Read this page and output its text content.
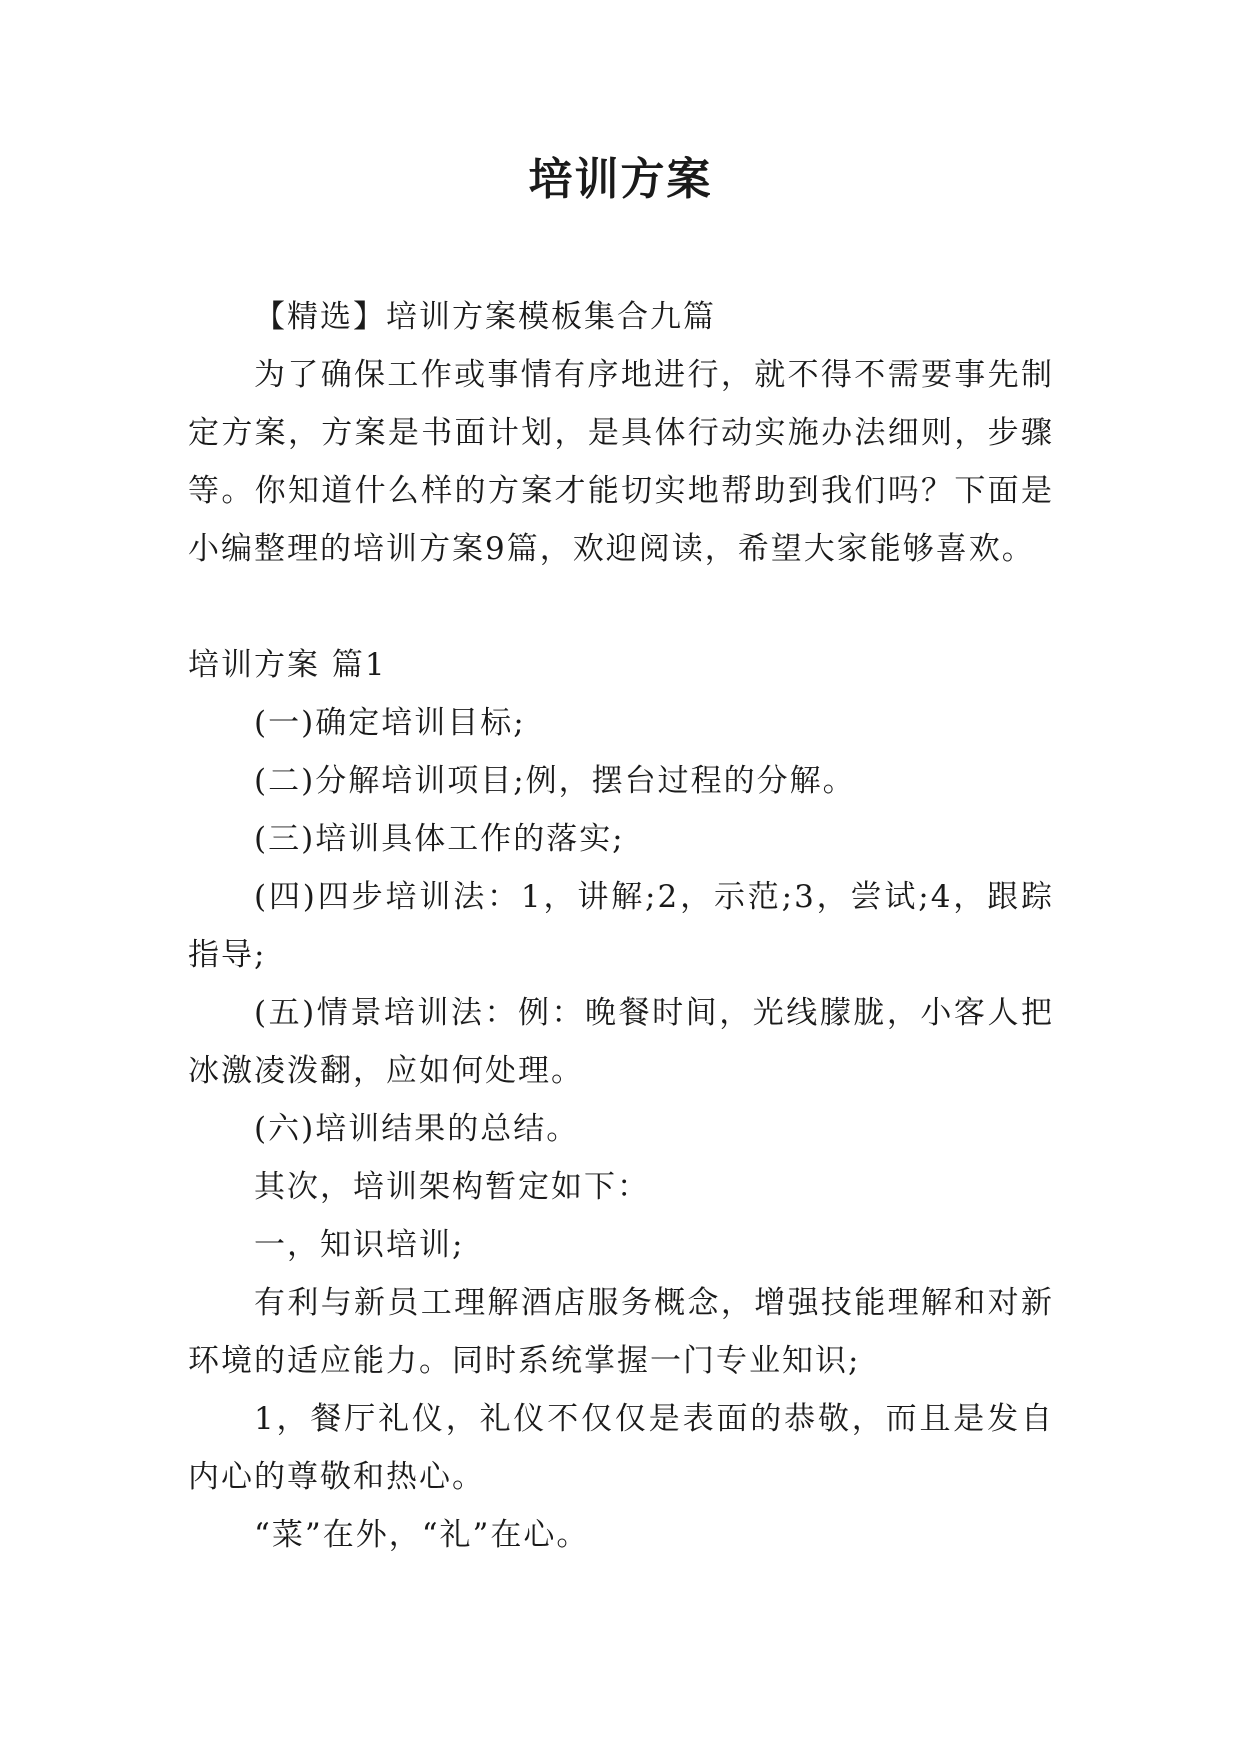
培训方案

【精选】培训方案模板集合九篇

为了确保工作或事情有序地进行，就不得不需要事先制定方案，方案是书面计划，是具体行动实施办法细则，步骤等。你知道什么样的方案才能切实地帮助到我们吗？下面是小编整理的培训方案9篇，欢迎阅读，希望大家能够喜欢。

培训方案 篇1

(一)确定培训目标;

(二)分解培训项目;例，摆台过程的分解。

(三)培训具体工作的落实;

(四)四步培训法：1，讲解;2，示范;3，尝试;4，跟踪指导;

(五)情景培训法：例：晚餐时间，光线朦胧，小客人把冰激凌泼翻，应如何处理。

(六)培训结果的总结。

其次，培训架构暂定如下：

一，知识培训;

有利与新员工理解酒店服务概念，增强技能理解和对新环境的适应能力。同时系统掌握一门专业知识;

1，餐厅礼仪，礼仪不仅仅是表面的恭敬，而且是发自内心的尊敬和热心。

“菜”在外，“礼”在心。
